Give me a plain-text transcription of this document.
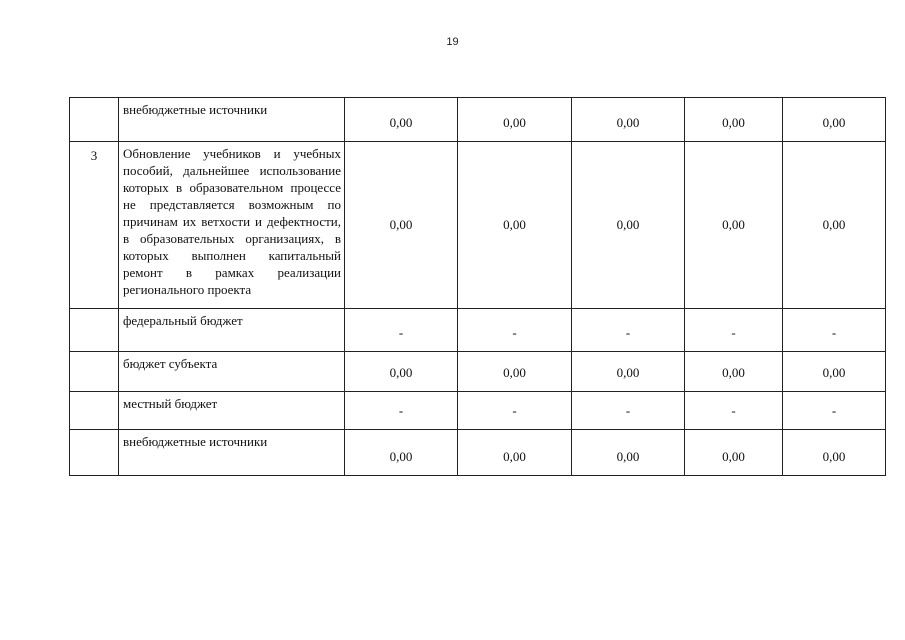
19
	внебюджетные источники	0,00	0,00	0,00	0,00	0,00
3	Обновление учебников и учебных пособий, дальнейшее использование которых в образовательном процессе не представляется возможным по причинам их ветхости и дефектности, в образовательных организациях, в которых выполнен капитальный ремонт в рамках реализации регионального проекта	0,00	0,00	0,00	0,00	0,00
	федеральный бюджет	-	-	-	-	-
	бюджет субъекта	0,00	0,00	0,00	0,00	0,00
	местный бюджет	-	-	-	-	-
	внебюджетные источники	0,00	0,00	0,00	0,00	0,00
